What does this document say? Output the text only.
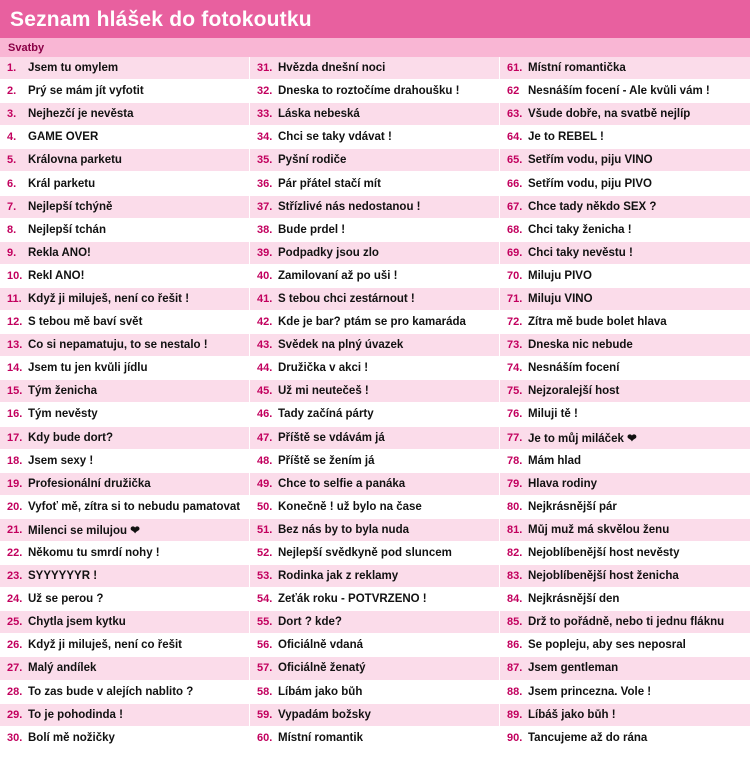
Seznam hlášek do fotokoutku
Svatby
1.	Jsem tu omylem
2.	Prý se mám jít vyfotit
3.	Nejhezčí je nevěsta
4.	GAME OVER
5.	Královna parketu
6.	Král parketu
7.	Nejlepší tchýně
8.	Nejlepší tchán
9.	Řekla ANO!
10. Řekl ANO!
11. Když ji miluješ, není co řešit !
12. S tebou mě baví svět
13. Co si nepamatuju, to se nestalo !
14. Jsem tu jen kvůli jídlu
15. Tým ženicha
16. Tým nevěsty
17. Kdy bude dort?
18. Jsem sexy !
19. Profesionální družička
20. Vyfoť mě, zítra si to nebudu pamatovat
21. Milenci se milujou ❤
22. Někomu tu smrdí nohy !
23. SÝÝÝÝÝÝR !
24. Už se perou ?
25. Chytla jsem kytku
26. Když ji miluješ, není co řešit
27. Malý andílek
28. To zas bude v alejích nablito ?
29. To je pohodinda !
30. Bolí mě nožičky
31. Hvězda dnešní noci
32. Dneska to roztočíme drahoušku !
33. Láska nebeská
34. Chci se taky vdávat !
35. Pyšní rodiče
36. Pár přátel stačí mít
37. Střízlivé nás nedostanou !
38. Bude prdel !
39. Podpadky jsou zlo
40. Zamilovaní až po uši !
41. S tebou chci zestárnout !
42. Kde je bar? ptám se pro kamaráda
43. Svědek na plný úvazek
44. Družička v akci !
45. Už mi neutečeš !
46. Tady začíná párty
47. Příště se vdávám já
48. Příště se žením já
49. Chce to selfie a panáka
50. Konečně ! už bylo na čase
51. Bez nás by to byla nuda
52. Nejlepší svědkyně pod sluncem
53. Rodinka jak z reklamy
54. Zeťák roku - POTVRZENO !
55. Dort ? kde?
56. Oficiálně vdaná
57. Oficiálně ženatý
58. Líbám jako bůh
59. Vypadám božsky
60. Místní romantik
61. Místní romantička
62 Nesnáším focení - Ale kvůli vám !
63. Všude dobře, na svatbě nejlíp
64. Je to REBEL !
65. Šetřím vodu, piju VÍNO
66. Šetřím vodu, piju PIVO
67. Chce tady někdo SEX ?
68. Chci taky ženicha !
69. Chci taky nevěstu !
70. Miluju PIVO
71. Miluju VÍNO
72. Zítra mě bude bolet hlava
73. Dneska nic nebude
74. Nesnáším focení
75. Nejzoralejší host
76. Miluji tě !
77. Je to můj miláček ❤
78. Mám hlad
79. Hlava rodiny
80. Nejkrásnější pár
81. Můj muž má skvělou ženu
82. Nejoblíbenější host nevěsty
83. Nejoblíbenější host ženicha
84. Nejkrásnější den
85. Drž to pořádně, nebo ti jednu fláknu
86. Se popleju, aby ses neposral
87. Jsem gentleman
88. Jsem princezna. Vole !
89. Líbáš jako bůh !
90. Tancujeme až do rána
